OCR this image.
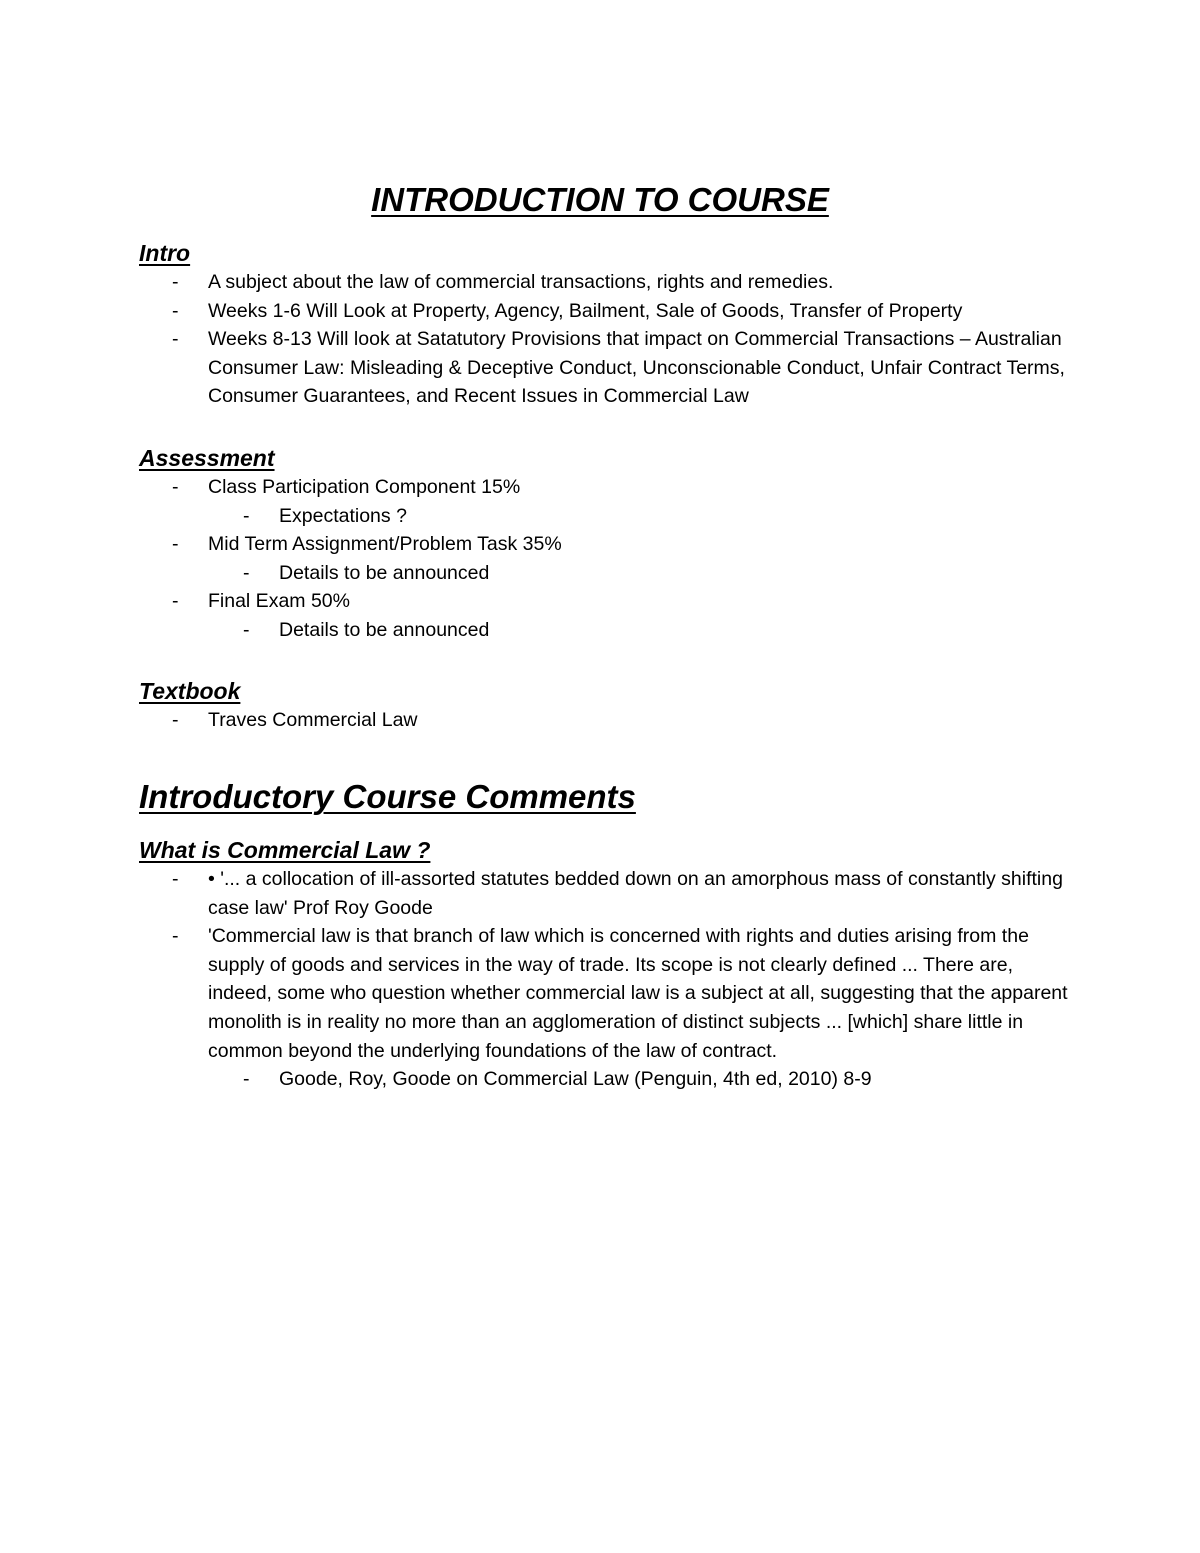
INTRODUCTION TO COURSE
Intro
- A subject about the law of commercial transactions, rights and remedies.
- Weeks 1-6 Will Look at Property, Agency, Bailment, Sale of Goods, Transfer of Property
- Weeks 8-13 Will look at Satatutory Provisions that impact on Commercial Transactions – Australian Consumer Law: Misleading & Deceptive Conduct, Unconscionable Conduct, Unfair Contract Terms, Consumer Guarantees, and Recent Issues in Commercial Law
Assessment
- Class Participation Component 15%
- Expectations ?
- Mid Term Assignment/Problem Task 35%
- Details to be announced
- Final Exam 50%
- Details to be announced
Textbook
- Traves Commercial Law
Introductory Course Comments
What is Commercial Law ?
- • '... a collocation of ill-assorted statutes bedded down on an amorphous mass of constantly shifting case law' Prof Roy Goode
- 'Commercial law is that branch of law which is concerned with rights and duties arising from the supply of goods and services in the way of trade. Its scope is not clearly defined ... There are, indeed, some who question whether commercial law is a subject at all, suggesting that the apparent monolith is in reality no more than an agglomeration of distinct subjects ... [which] share little in common beyond the underlying foundations of the law of contract.
- Goode, Roy, Goode on Commercial Law (Penguin, 4th ed, 2010) 8-9
